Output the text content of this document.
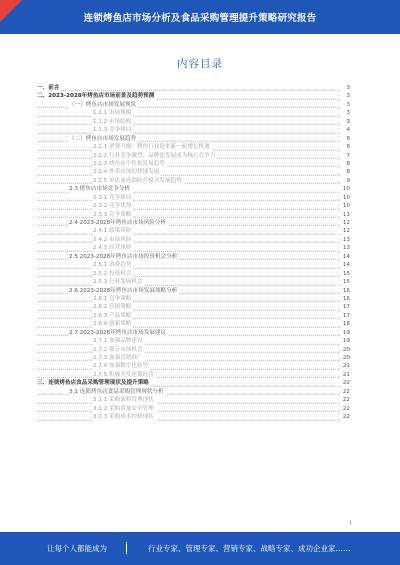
连锁烤鱼店市场分析及食品采购管理提升策略研究报告
内容目录
一、前言	3
二、2023-2028年烤鱼店市场前景及趋势预测	3
（一）烤鱼店市场发展现状	3
1.1.1 市场规模	3
1.1.2 市场结构	3
1.1.3 竞争格局	4
（二）烤鱼店市场发展趋势	6
2.2.1 消费升级：烤鱼行业迎来新一轮增长机遇	6
2.2.2 行业竞争激烈，品牌化发展成为核心竞争力	7
2.2.3 烤鱼店个性化发展趋势	8
2.2.4 外卖市场的快速发展	8
2.2.5 单店及连锁经营模式发展趋势	9
2.3 烤鱼店市场竞争分析	10
2.3.1 竞争格局	10
2.3.2 竞争优势	10
2.3.3 竞争策略	11
2.4 2023-2028年烤鱼店市场风险分析	12
2.4.1 政策风险	12
2.4.2 市场风险	13
2.4.3 经营风险	13
2.5 2023-2028年烤鱼店市场投资机会分析	14
2.5.1 消费趋势	14
2.5.2 投资机会	15
2.5.3 行业发展机会	15
2.6 2023-2028年烤鱼店市场发展战略分析	16
2.6.1 竞争策略	16
2.6.2 营销策略	17
2.6.3 产品策略	17
2.6.4 创新策略	18
2.7 2023-2028年烤鱼店市场发展建议	19
2.7.1 加强品牌建设	19
2.7.2 细分市场机会	20
2.7.3 加强营销推广	20
2.7.4 加强数字化转型	21
2.7.5 积极开发连锁经营	21
三、连锁烤鱼店食品采购管理现状及提升策略	22
3.1 连锁烤鱼店食品采购管理现状分析	22
3.1.1 采购流程管理现状	22
3.1.2 采购质量安全管理	22
3.1.3 采购成本控制现状	22
1
让每个人都能成为	行业专家、管理专家、营销专家、战略专家、成功企业家……
